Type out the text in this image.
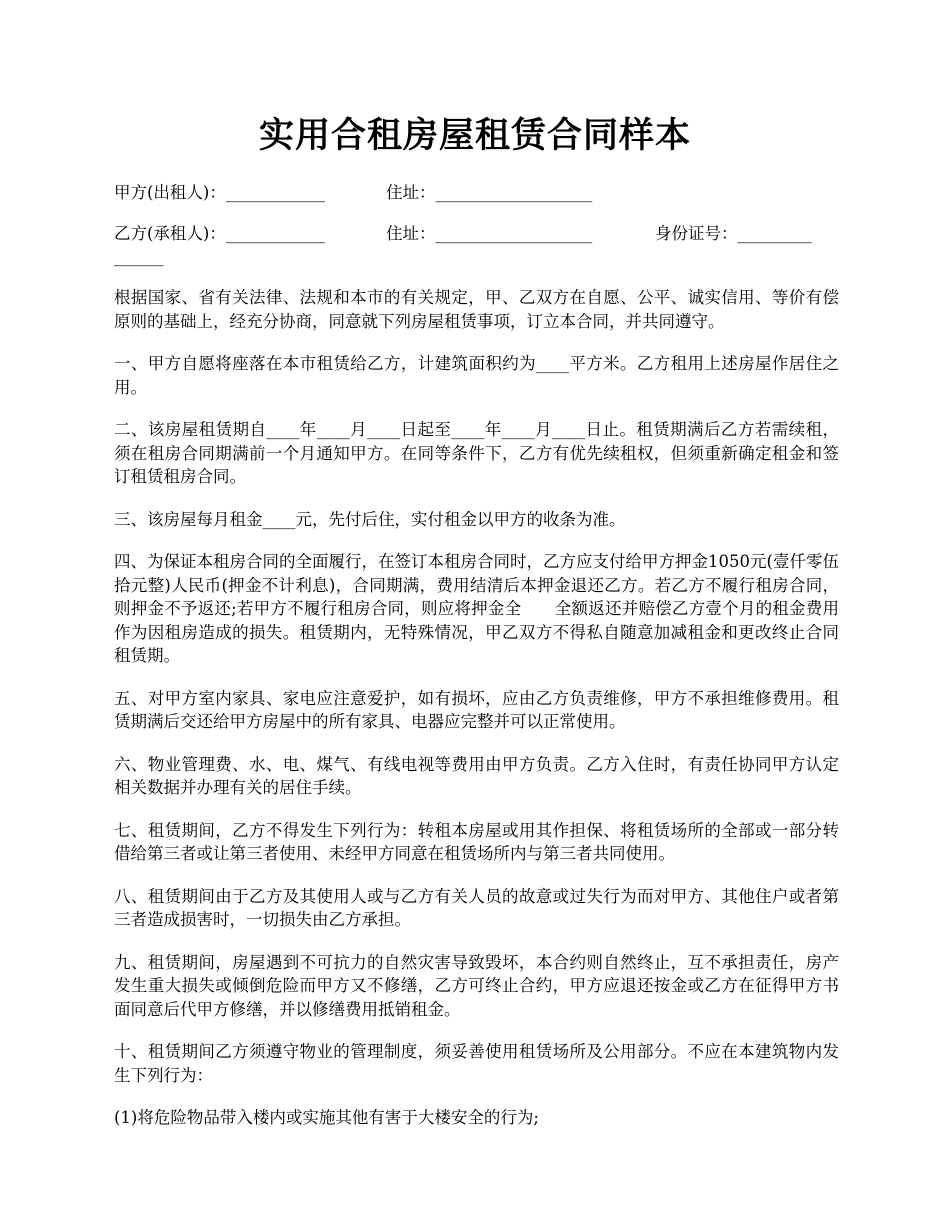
实用合租房屋租赁合同样本
甲方(出租人)：____________	住址：___________________
乙方(承租人)：____________	住址：___________________	身份证号：_________
______

根据国家、省有关法律、法规和本市的有关规定，甲、乙双方在自愿、公平、诚实信用、等价有偿原则的基础上，经充分协商，同意就下列房屋租赁事项，订立本合同，并共同遵守。

一、甲方自愿将座落在本市租赁给乙方，计建筑面积约为____平方米。乙方租用上述房屋作居住之用。

二、该房屋租赁期自____年____月____日起至____年____月____日止。租赁期满后乙方若需续租，须在租房合同期满前一个月通知甲方。在同等条件下，乙方有优先续租权，但须重新确定租金和签订租赁租房合同。

三、该房屋每月租金____元，先付后住，实付租金以甲方的收条为准。

四、为保证本租房合同的全面履行，在签订本租房合同时，乙方应支付给甲方押金1050元(壹仟零伍拾元整)人民币(押金不计利息)，合同期满，费用结清后本押金退还乙方。若乙方不履行租房合同，则押金不予返还;若甲方不履行租房合同，则应将押金全　　全额返还并赔偿乙方壹个月的租金费用作为因租房造成的损失。租赁期内，无特殊情况，甲乙双方不得私自随意加减租金和更改终止合同租赁期。

五、对甲方室内家具、家电应注意爱护，如有损坏，应由乙方负责维修，甲方不承担维修费用。租赁期满后交还给甲方房屋中的所有家具、电器应完整并可以正常使用。

六、物业管理费、水、电、煤气、有线电视等费用由甲方负责。乙方入住时，有责任协同甲方认定相关数据并办理有关的居住手续。

七、租赁期间，乙方不得发生下列行为：转租本房屋或用其作担保、将租赁场所的全部或一部分转借给第三者或让第三者使用、未经甲方同意在租赁场所内与第三者共同使用。

八、租赁期间由于乙方及其使用人或与乙方有关人员的故意或过失行为而对甲方、其他住户或者第三者造成损害时，一切损失由乙方承担。

九、租赁期间，房屋遇到不可抗力的自然灾害导致毁坏，本合约则自然终止，互不承担责任，房产发生重大损失或倾倒危险而甲方又不修缮，乙方可终止合约，甲方应退还按金或乙方在征得甲方书面同意后代甲方修缮，并以修缮费用抵销租金。

十、租赁期间乙方须遵守物业的管理制度，须妥善使用租赁场所及公用部分。不应在本建筑物内发生下列行为：

(1)将危险物品带入楼内或实施其他有害于大楼安全的行为;
